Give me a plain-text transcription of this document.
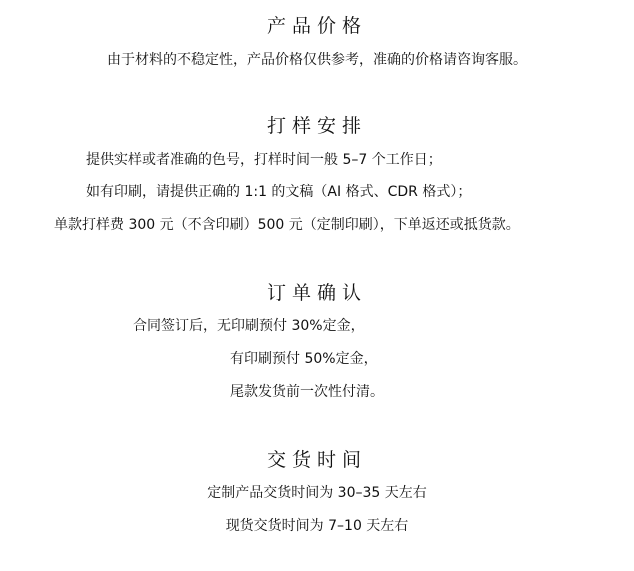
产品价格
由于材料的不稳定性，产品价格仅供参考，准确的价格请咨询客服。
打样安排
提供实样或者准确的色号，打样时间一般 5–7 个工作日；
如有印刷，请提供正确的 1:1 的文稿（AI 格式、CDR 格式）；
单款打样费 300 元（不含印刷）500 元（定制印刷），下单返还或抵货款。
订单确认
合同签订后，无印刷预付 30%定金，
有印刷预付 50%定金，
尾款发货前一次性付清。
交货时间
定制产品交货时间为 30–35 天左右
现货交货时间为 7–10 天左右
